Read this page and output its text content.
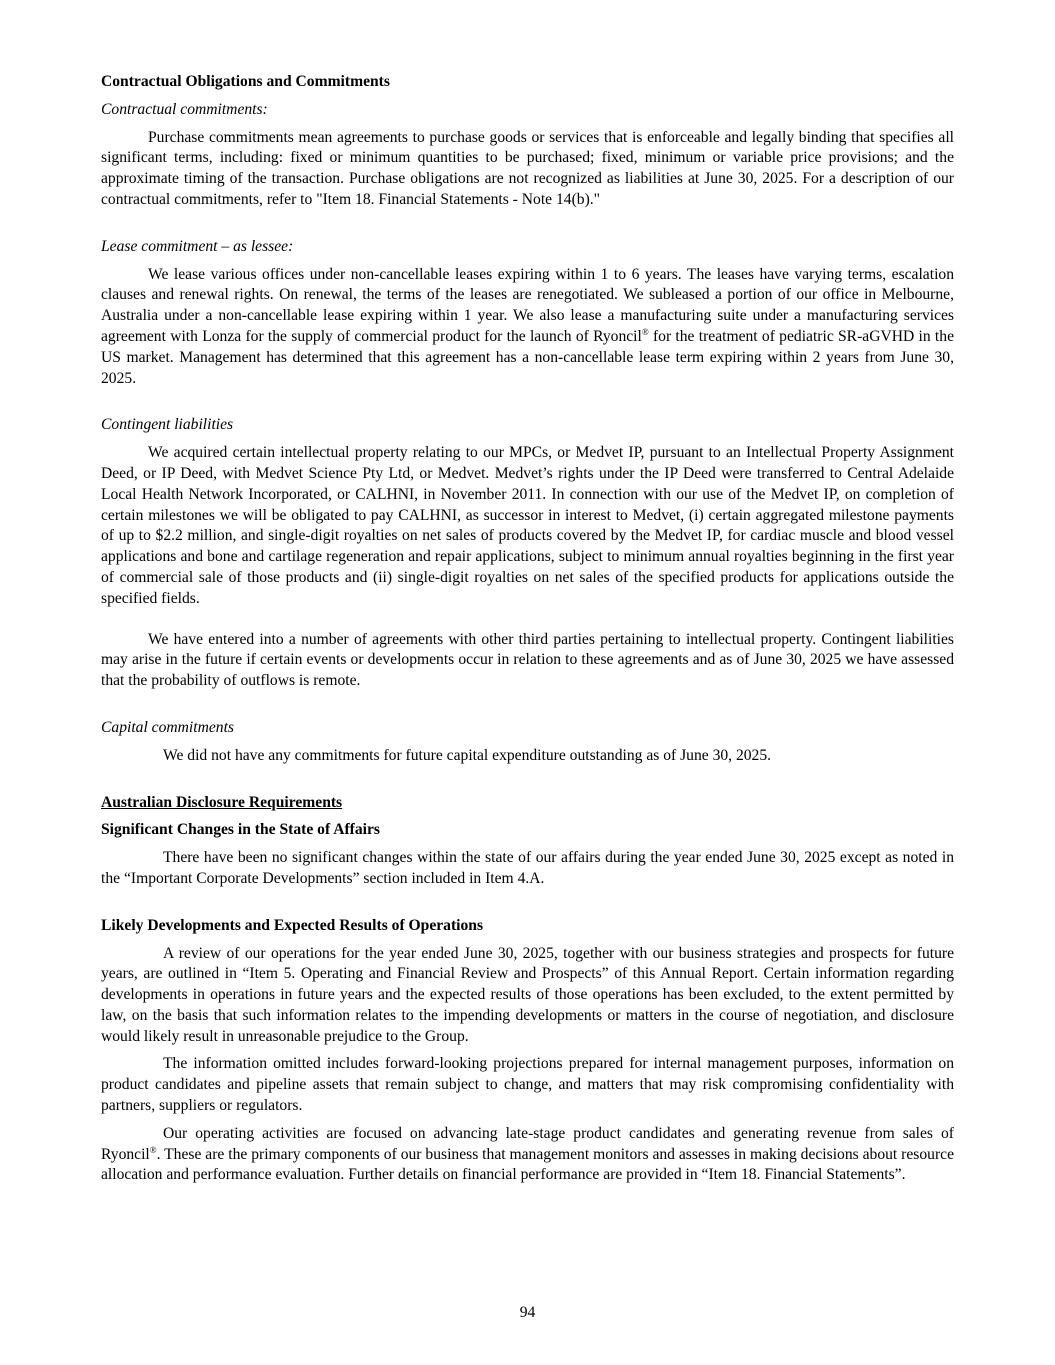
Contractual Obligations and Commitments
Contractual commitments:

Purchase commitments mean agreements to purchase goods or services that is enforceable and legally binding that specifies all significant terms, including: fixed or minimum quantities to be purchased; fixed, minimum or variable price provisions; and the approximate timing of the transaction. Purchase obligations are not recognized as liabilities at June 30, 2025. For a description of our contractual commitments, refer to "Item 18. Financial Statements - Note 14(b)."

Lease commitment – as lessee:

We lease various offices under non-cancellable leases expiring within 1 to 6 years. The leases have varying terms, escalation clauses and renewal rights. On renewal, the terms of the leases are renegotiated. We subleased a portion of our office in Melbourne, Australia under a non-cancellable lease expiring within 1 year. We also lease a manufacturing suite under a manufacturing services agreement with Lonza for the supply of commercial product for the launch of Ryoncil® for the treatment of pediatric SR-aGVHD in the US market. Management has determined that this agreement has a non-cancellable lease term expiring within 2 years from June 30, 2025.

Contingent liabilities

We acquired certain intellectual property relating to our MPCs, or Medvet IP, pursuant to an Intellectual Property Assignment Deed, or IP Deed, with Medvet Science Pty Ltd, or Medvet. Medvet’s rights under the IP Deed were transferred to Central Adelaide Local Health Network Incorporated, or CALHNI, in November 2011. In connection with our use of the Medvet IP, on completion of certain milestones we will be obligated to pay CALHNI, as successor in interest to Medvet, (i) certain aggregated milestone payments of up to $2.2 million, and single-digit royalties on net sales of products covered by the Medvet IP, for cardiac muscle and blood vessel applications and bone and cartilage regeneration and repair applications, subject to minimum annual royalties beginning in the first year of commercial sale of those products and (ii) single-digit royalties on net sales of the specified products for applications outside the specified fields.

We have entered into a number of agreements with other third parties pertaining to intellectual property. Contingent liabilities may arise in the future if certain events or developments occur in relation to these agreements and as of June 30, 2025 we have assessed that the probability of outflows is remote.

Capital commitments

We did not have any commitments for future capital expenditure outstanding as of June 30, 2025.

Australian Disclosure Requirements
Significant Changes in the State of Affairs

There have been no significant changes within the state of our affairs during the year ended June 30, 2025 except as noted in the “Important Corporate Developments” section included in Item 4.A.

Likely Developments and Expected Results of Operations

A review of our operations for the year ended June 30, 2025, together with our business strategies and prospects for future years, are outlined in “Item 5. Operating and Financial Review and Prospects” of this Annual Report. Certain information regarding developments in operations in future years and the expected results of those operations has been excluded, to the extent permitted by law, on the basis that such information relates to the impending developments or matters in the course of negotiation, and disclosure would likely result in unreasonable prejudice to the Group.

The information omitted includes forward-looking projections prepared for internal management purposes, information on product candidates and pipeline assets that remain subject to change, and matters that may risk compromising confidentiality with partners, suppliers or regulators.

Our operating activities are focused on advancing late-stage product candidates and generating revenue from sales of Ryoncil®. These are the primary components of our business that management monitors and assesses in making decisions about resource allocation and performance evaluation. Further details on financial performance are provided in “Item 18. Financial Statements”.

94
